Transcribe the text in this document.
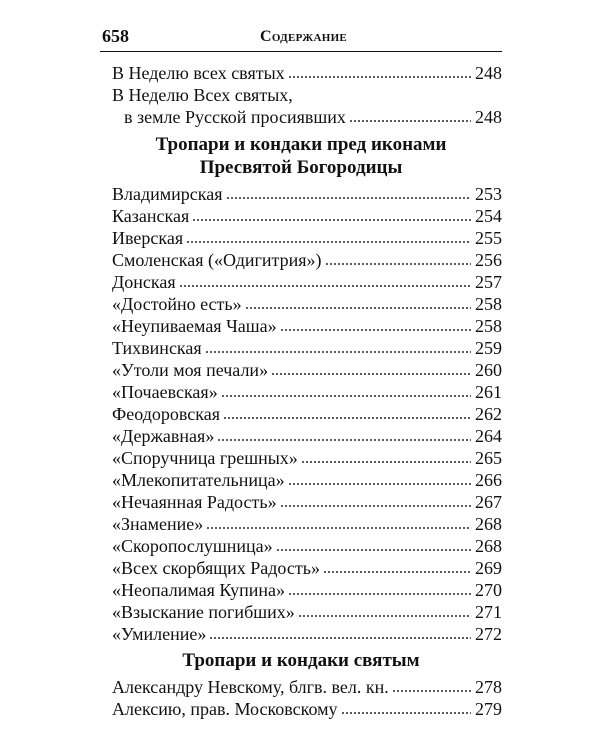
658	Содержание
В Неделю всех святых	248
В Неделю Всех святых,
в земле Русской просиявших	248
Тропари и кондаки пред иконами
Пресвятой Богородицы
Владимирская	253
Казанская	254
Иверская	255
Смоленская («Одигитрия»)	256
Донская	257
«Достойно есть»	258
«Неупиваемая Чаша»	258
Тихвинская	259
«Утоли моя печали»	260
«Почаевская»	261
Феодоровская	262
«Державная»	264
«Споручница грешных»	265
«Млекопитательница»	266
«Нечаянная Радость»	267
«Знамение»	268
«Скоропослушница»	268
«Всех скорбящих Радость»	269
«Неопалимая Купина»	270
«Взыскание погибших»	271
«Умиление»	272
Тропари и кондаки святым
Александру Невскому, блгв. вел. кн.	278
Алексию, прав. Московскому	279
